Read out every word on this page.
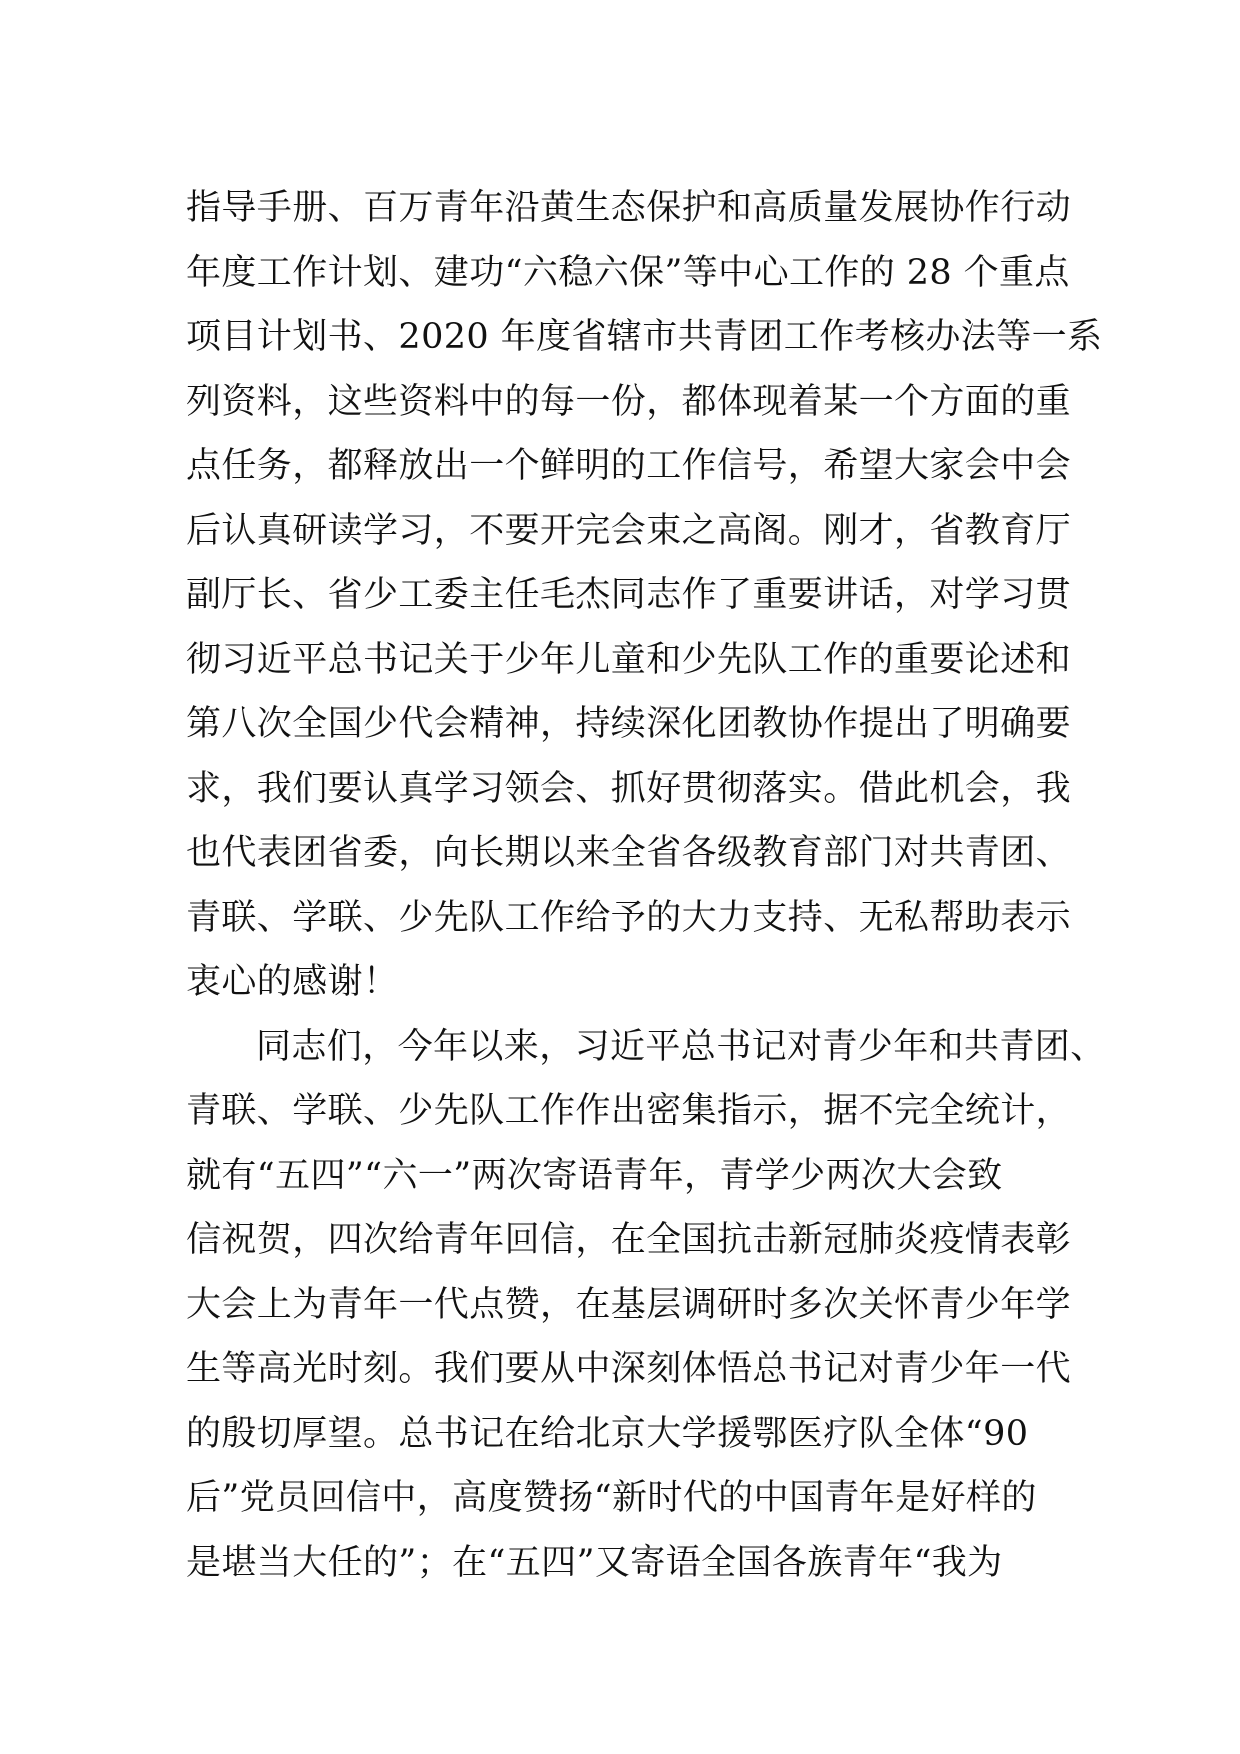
指导手册、百万青年沿黄生态保护和高质量发展协作行动
年度工作计划、建功“六稳六保”等中心工作的 28 个重点
项目计划书、2020 年度省辖市共青团工作考核办法等一系
列资料，这些资料中的每一份，都体现着某一个方面的重
点任务，都释放出一个鲜明的工作信号，希望大家会中会
后认真研读学习，不要开完会束之高阁。刚才，省教育厅
副厅长、省少工委主任毛杰同志作了重要讲话，对学习贯
彻习近平总书记关于少年儿童和少先队工作的重要论述和
第八次全国少代会精神，持续深化团教协作提出了明确要
求，我们要认真学习领会、抓好贯彻落实。借此机会，我
也代表团省委，向长期以来全省各级教育部门对共青团、
青联、学联、少先队工作给予的大力支持、无私帮助表示
衷心的感谢！
同志们，今年以来，习近平总书记对青少年和共青团、
青联、学联、少先队工作作出密集指示，据不完全统计，
就有“五四”“六一”两次寄语青年，青学少两次大会致
信祝贺，四次给青年回信，在全国抗击新冠肺炎疫情表彰
大会上为青年一代点赞，在基层调研时多次关怀青少年学
生等高光时刻。我们要从中深刻体悟总书记对青少年一代
的殷切厚望。总书记在给北京大学援鄂医疗队全体“90
后”党员回信中，高度赞扬“新时代的中国青年是好样的
是堪当大任的”；在“五四”又寄语全国各族青年“我为
